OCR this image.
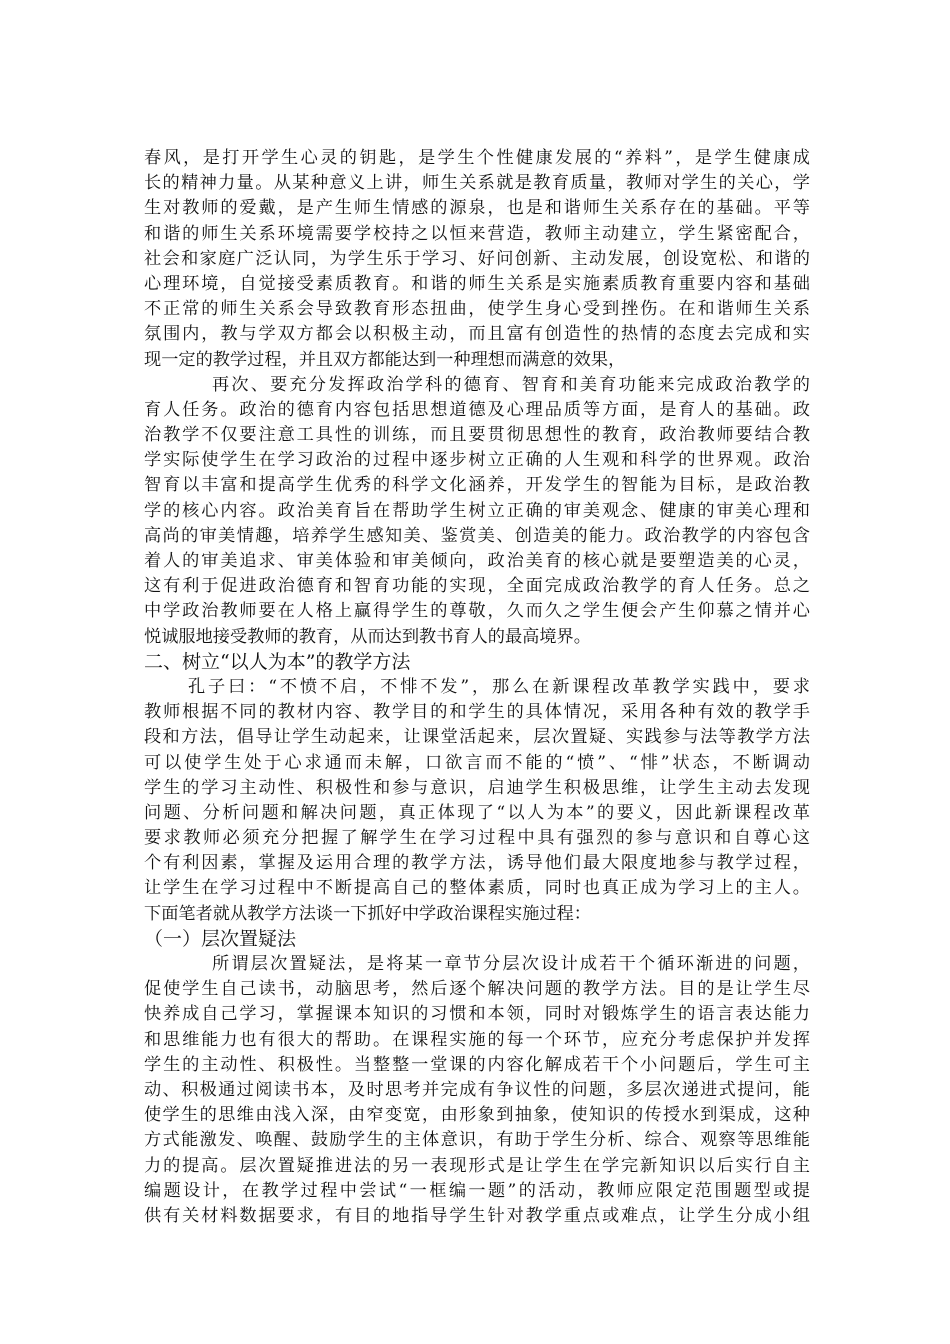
春风，是打开学生心灵的钥匙，是学生个性健康发展的“养料”，是学生健康成
长的精神力量。从某种意义上讲，师生关系就是教育质量，教师对学生的关心，学
生对教师的爱戴，是产生师生情感的源泉，也是和谐师生关系存在的基础。平等
和谐的师生关系环境需要学校持之以恒来营造，教师主动建立，学生紧密配合，
社会和家庭广泛认同，为学生乐于学习、好问创新、主动发展，创设宽松、和谐的
心理环境，自觉接受素质教育。和谐的师生关系是实施素质教育重要内容和基础
不正常的师生关系会导致教育形态扭曲，使学生身心受到挫伤。在和谐师生关系
氛围内，教与学双方都会以积极主动，而且富有创造性的热情的态度去完成和实
现一定的教学过程，并且双方都能达到一种理想而满意的效果，
再次、要充分发挥政治学科的德育、智育和美育功能来完成政治教学的
育人任务。政治的德育内容包括思想道德及心理品质等方面，是育人的基础。政
治教学不仅要注意工具性的训练，而且要贯彻思想性的教育，政治教师要结合教
学实际使学生在学习政治的过程中逐步树立正确的人生观和科学的世界观。政治
智育以丰富和提高学生优秀的科学文化涵养，开发学生的智能为目标，是政治教
学的核心内容。政治美育旨在帮助学生树立正确的审美观念、健康的审美心理和
高尚的审美情趣，培养学生感知美、鉴赏美、创造美的能力。政治教学的内容包含
着人的审美追求、审美体验和审美倾向，政治美育的核心就是要塑造美的心灵，
这有利于促进政治德育和智育功能的实现，全面完成政治教学的育人任务。总之
中学政治教师要在人格上赢得学生的尊敬，久而久之学生便会产生仰慕之情并心
悦诚服地接受教师的教育，从而达到教书育人的最高境界。
二、树立“以人为本”的教学方法
孔子曰：“不愤不启，不悱不发”，那么在新课程改革教学实践中，要求
教师根据不同的教材内容、教学目的和学生的具体情况，采用各种有效的教学手
段和方法，倡导让学生动起来，让课堂活起来，层次置疑、实践参与法等教学方法
可以使学生处于心求通而未解，口欲言而不能的“愤”、“悱”状态，不断调动
学生的学习主动性、积极性和参与意识，启迪学生积极思维，让学生主动去发现
问题、分析问题和解决问题，真正体现了“以人为本”的要义，因此新课程改革
要求教师必须充分把握了解学生在学习过程中具有强烈的参与意识和自尊心这
个有利因素，掌握及运用合理的教学方法，诱导他们最大限度地参与教学过程，
让学生在学习过程中不断提高自己的整体素质，同时也真正成为学习上的主人。
下面笔者就从教学方法谈一下抓好中学政治课程实施过程：
（一）层次置疑法
所谓层次置疑法，是将某一章节分层次设计成若干个循环渐进的问题，
促使学生自己读书，动脑思考，然后逐个解决问题的教学方法。目的是让学生尽
快养成自己学习，掌握课本知识的习惯和本领，同时对锻炼学生的语言表达能力
和思维能力也有很大的帮助。在课程实施的每一个环节，应充分考虑保护并发挥
学生的主动性、积极性。当整整一堂课的内容化解成若干个小问题后，学生可主
动、积极通过阅读书本，及时思考并完成有争议性的问题，多层次递进式提问，能
使学生的思维由浅入深，由窄变宽，由形象到抽象，使知识的传授水到渠成，这种
方式能激发、唤醒、鼓励学生的主体意识，有助于学生分析、综合、观察等思维能
力的提高。层次置疑推进法的另一表现形式是让学生在学完新知识以后实行自主
编题设计，在教学过程中尝试“一框编一题”的活动，教师应限定范围题型或提
供有关材料数据要求，有目的地指导学生针对教学重点或难点，让学生分成小组
